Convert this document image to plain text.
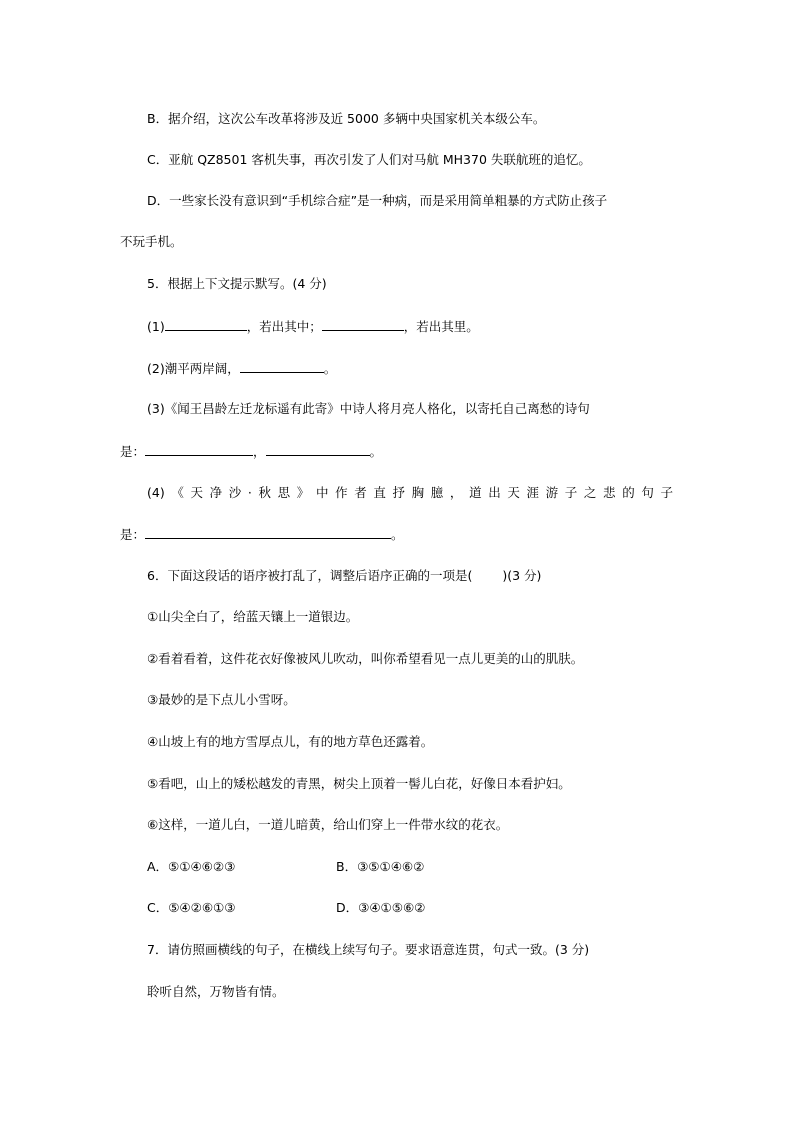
B．据介绍，这次公车改革将涉及近 5000 多辆中央国家机关本级公车。
C．亚航 QZ8501 客机失事，再次引发了人们对马航 MH370 失联航班的追忆。
D．一些家长没有意识到“手机综合症”是一种病，而是采用简单粗暴的方式防止孩子
不玩手机。
5．根据上下文提示默写。(4 分)
(1)	，若出其中；	，若出其里。
(2)潮平两岸阔，	。
(3)《闻王昌龄左迁龙标遥有此寄》中诗人将月亮人格化，以寄托自己离愁的诗句
是：	，	。
(4) 《 天 净 沙 · 秋 思 》 中 作 者 直 抒 胸 臆 ， 道 出 天 涯 游 子 之 悲 的 句 子
是：	。
6．下面这段话的语序被打乱了，调整后语序正确的一项是( )(3 分)
①山尖全白了，给蓝天镶上一道银边。
②看着看着，这件花衣好像被风儿吹动，叫你希望看见一点儿更美的山的肌肤。
③最妙的是下点儿小雪呀。
④山坡上有的地方雪厚点儿，有的地方草色还露着。
⑤看吧，山上的矮松越发的青黑，树尖上顶着一髻儿白花，好像日本看护妇。
⑥这样，一道儿白，一道儿暗黄，给山们穿上一件带水纹的花衣。
A．⑤①④⑥②③	B．③⑤①④⑥②
C．⑤④②⑥①③	D．③④①⑤⑥②
7．请仿照画横线的句子，在横线上续写句子。要求语意连贯，句式一致。(3 分)
聆听自然，万物皆有情。
